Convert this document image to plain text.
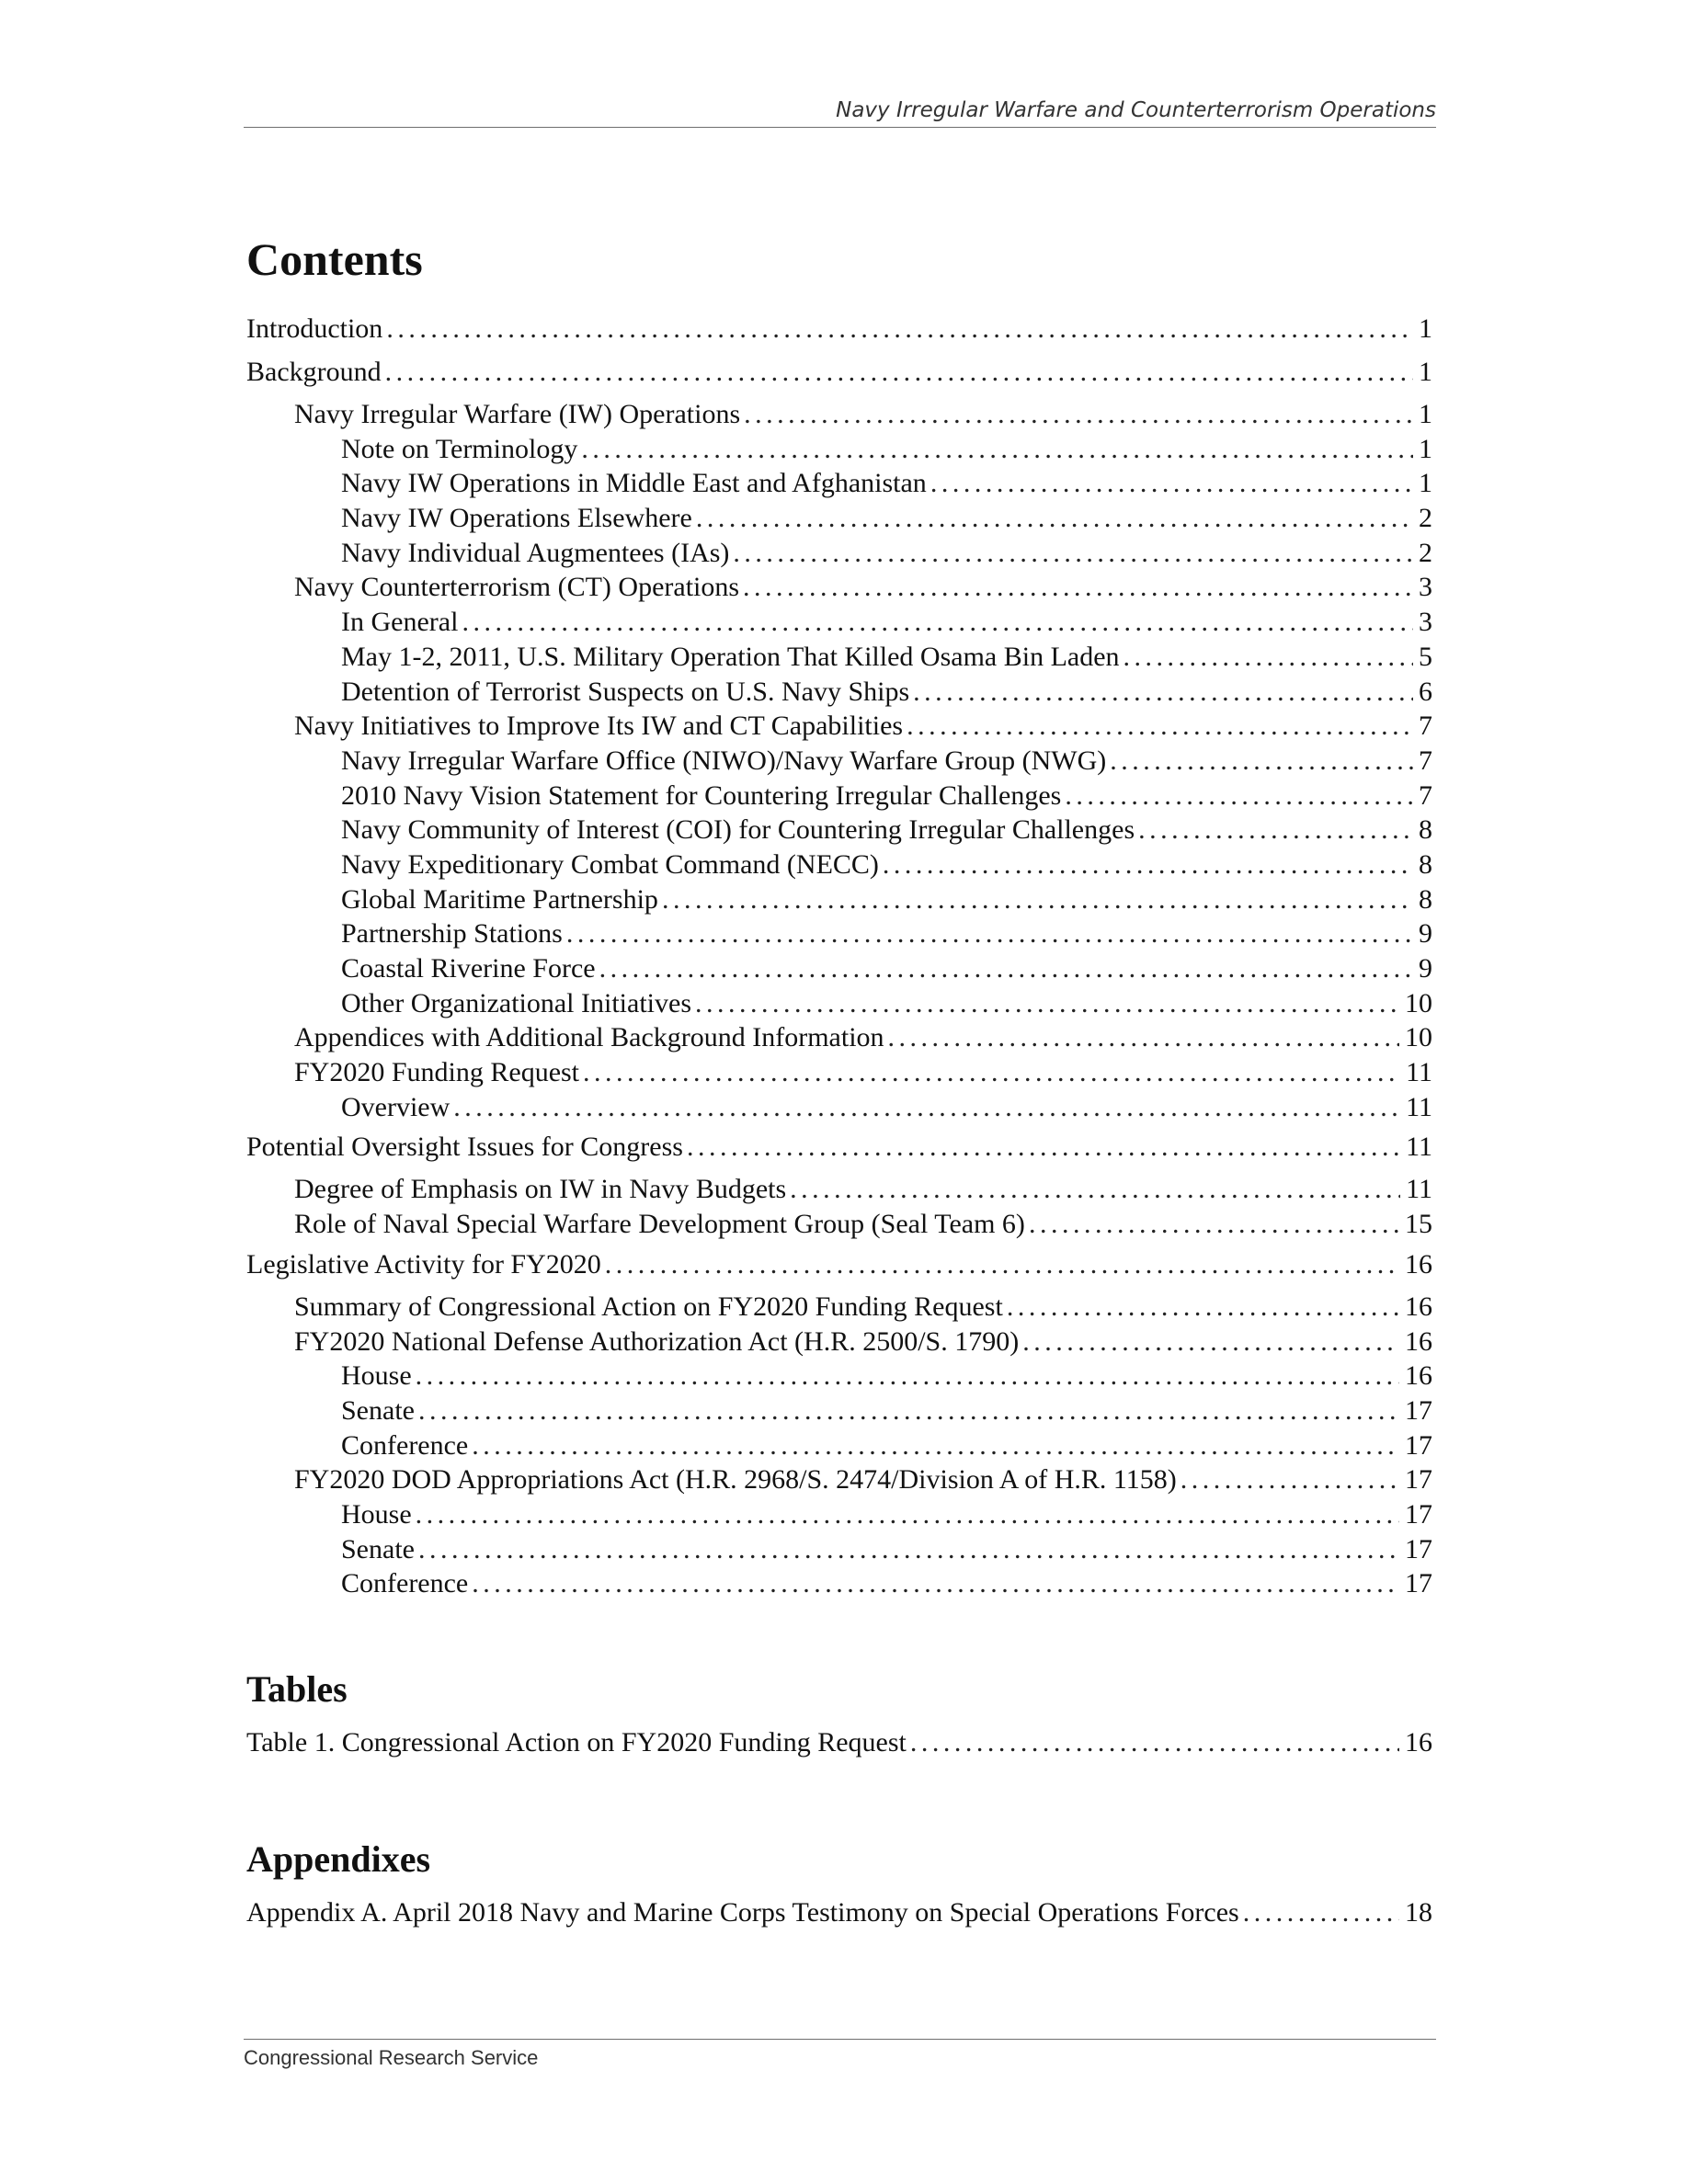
Navy Irregular Warfare and Counterterrorism Operations
Contents
Introduction . . .	1
Background . . .	1
Navy Irregular Warfare (IW) Operations . . .	1
Note on Terminology . . .	1
Navy IW Operations in Middle East and Afghanistan . . .	1
Navy IW Operations Elsewhere . . .	2
Navy Individual Augmentees (IAs) . . .	2
Navy Counterterrorism (CT) Operations . . .	3
In General . . .	3
May 1-2, 2011, U.S. Military Operation That Killed Osama Bin Laden . . .	5
Detention of Terrorist Suspects on U.S. Navy Ships . . .	6
Navy Initiatives to Improve Its IW and CT Capabilities . . .	7
Navy Irregular Warfare Office (NIWO)/Navy Warfare Group (NWG) . . .	7
2010 Navy Vision Statement for Countering Irregular Challenges . . .	7
Navy Community of Interest (COI) for Countering Irregular Challenges . . .	8
Navy Expeditionary Combat Command (NECC) . . .	8
Global Maritime Partnership . . .	8
Partnership Stations . . .	9
Coastal Riverine Force . . .	9
Other Organizational Initiatives . . .	10
Appendices with Additional Background Information . . .	10
FY2020 Funding Request . . .	11
Overview . . .	11
Potential Oversight Issues for Congress . . .	11
Degree of Emphasis on IW in Navy Budgets . . .	11
Role of Naval Special Warfare Development Group (Seal Team 6) . . .	15
Legislative Activity for FY2020 . . .	16
Summary of Congressional Action on FY2020 Funding Request . . .	16
FY2020 National Defense Authorization Act (H.R. 2500/S. 1790) . . .	16
House . . .	16
Senate . . .	17
Conference . . .	17
FY2020 DOD Appropriations Act (H.R. 2968/S. 2474/Division A of H.R. 1158) . . .	17
House . . .	17
Senate . . .	17
Conference . . .	17
Tables
Table 1. Congressional Action on FY2020 Funding Request . . .	16
Appendixes
Appendix A. April 2018 Navy and Marine Corps Testimony on Special Operations Forces . . .	18
Congressional Research Service
